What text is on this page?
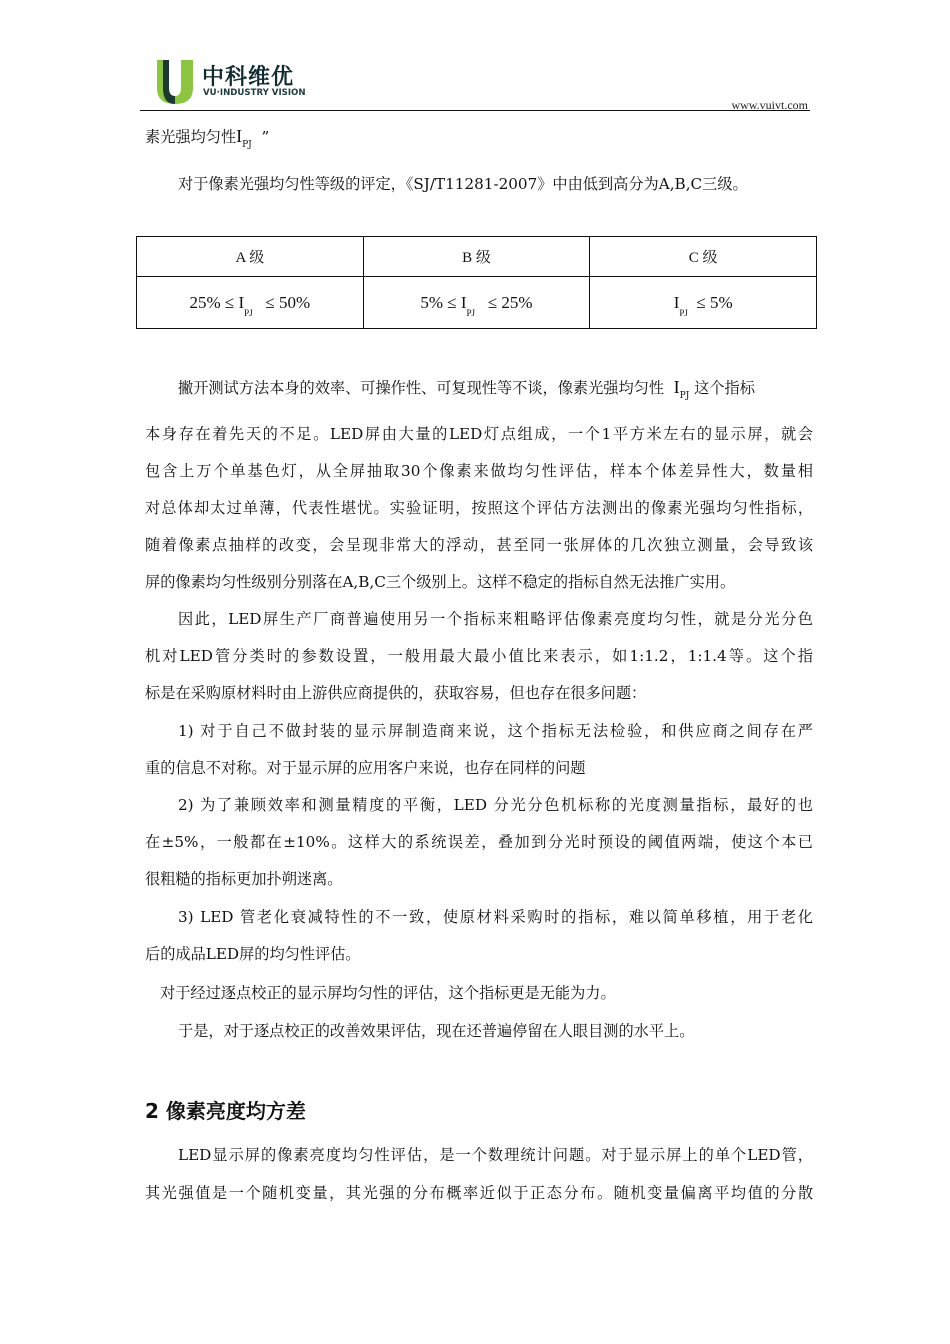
中科维优
VU·INDUSTRY VISION
www.vuivt.com
素光强均匀性$I_{PJ}$ ”
对于像素光强均匀性等级的评定，《SJ/T11281-2007》中由低到高分为A,B,C三级。
A 级	B 级	C 级
$25\% \le I_{PJ} \le 50\%$	$5\% \le I_{PJ} \le 25\%$	$I_{PJ} \le 5\%$
撇开测试方法本身的效率、可操作性、可复现性等不谈，像素光强均匀性 $I_{PJ}$ 这个指标
本身存在着先天的不足。LED屏由大量的LED灯点组成，一个1平方米左右的显示屏，就会
包含上万个单基色灯，从全屏抽取30个像素来做均匀性评估，样本个体差异性大，数量相
对总体却太过单薄，代表性堪忧。实验证明，按照这个评估方法测出的像素光强均匀性指标，
随着像素点抽样的改变，会呈现非常大的浮动，甚至同一张屏体的几次独立测量，会导致该
屏的像素均匀性级别分别落在A,B,C三个级别上。这样不稳定的指标自然无法推广实用。
因此，LED屏生产厂商普遍使用另一个指标来粗略评估像素亮度均匀性，就是分光分色
机对LED管分类时的参数设置，一般用最大最小值比来表示，如1:1.2，1:1.4等。这个指
标是在采购原材料时由上游供应商提供的，获取容易，但也存在很多问题：
1) 对于自己不做封装的显示屏制造商来说，这个指标无法检验，和供应商之间存在严
重的信息不对称。对于显示屏的应用客户来说，也存在同样的问题
2) 为了兼顾效率和测量精度的平衡，LED 分光分色机标称的光度测量指标，最好的也
在±5%，一般都在±10%。这样大的系统误差，叠加到分光时预设的阈值两端，使这个本已
很粗糙的指标更加扑朔迷离。
3) LED 管老化衰减特性的不一致，使原材料采购时的指标，难以简单移植，用于老化
后的成品LED屏的均匀性评估。
对于经过逐点校正的显示屏均匀性的评估，这个指标更是无能为力。
于是，对于逐点校正的改善效果评估，现在还普遍停留在人眼目测的水平上。
2 像素亮度均方差
LED显示屏的像素亮度均匀性评估，是一个数理统计问题。对于显示屏上的单个LED管，
其光强值是一个随机变量，其光强的分布概率近似于正态分布。随机变量偏离平均值的分散
